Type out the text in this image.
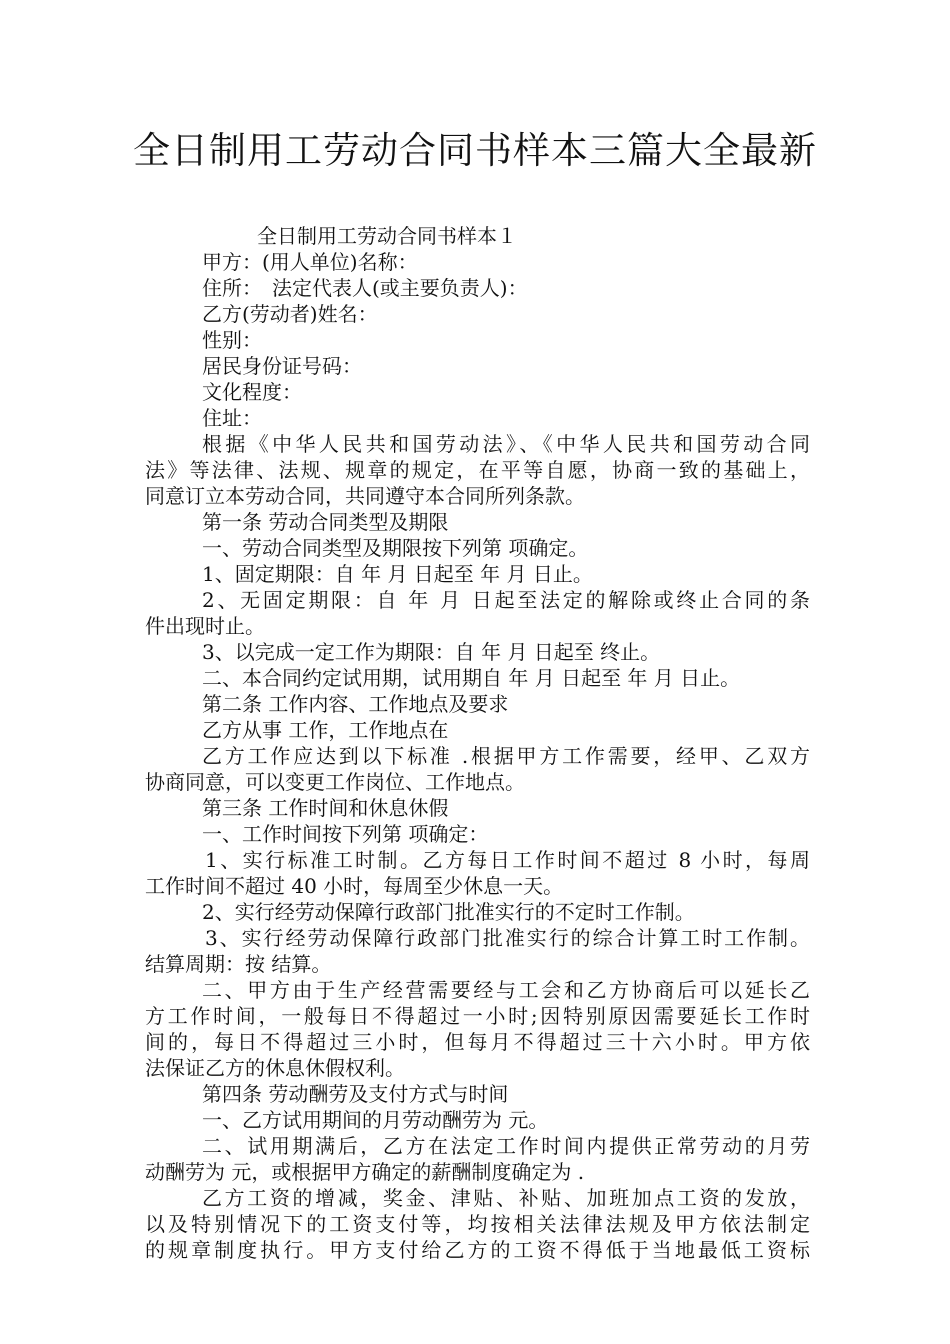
全日制用工劳动合同书样本三篇大全最新
全日制用工劳动合同书样本１
甲方：(用人单位)名称：
住所：　法定代表人(或主要负责人)：
乙方(劳动者)姓名：
性别：
居民身份证号码：
文化程度：
住址：
根据《中华人民共和国劳动法》、《中华人民共和国劳动合同
法》等法律、法规、规章的规定，在平等自愿，协商一致的基础上，
同意订立本劳动合同，共同遵守本合同所列条款。
第一条 劳动合同类型及期限
一、劳动合同类型及期限按下列第 项确定。
1、固定期限：自 年 月 日起至 年 月 日止。
2、无固定期限：自 年 月 日起至法定的解除或终止合同的条
件出现时止。
3、以完成一定工作为期限：自 年 月 日起至 终止。
二、本合同约定试用期，试用期自 年 月 日起至 年 月 日止。
第二条 工作内容、工作地点及要求
乙方从事 工作，工作地点在
乙方工作应达到以下标准 .根据甲方工作需要，经甲、乙双方
协商同意，可以变更工作岗位、工作地点。
第三条 工作时间和休息休假
一、工作时间按下列第 项确定：
1、实行标准工时制。乙方每日工作时间不超过 8 小时，每周
工作时间不超过 40 小时，每周至少休息一天。
2、实行经劳动保障行政部门批准实行的不定时工作制。
3、实行经劳动保障行政部门批准实行的综合计算工时工作制。
结算周期：按 结算。
二、甲方由于生产经营需要经与工会和乙方协商后可以延长乙
方工作时间，一般每日不得超过一小时;因特别原因需要延长工作时
间的，每日不得超过三小时，但每月不得超过三十六小时。甲方依
法保证乙方的休息休假权利。
第四条 劳动酬劳及支付方式与时间
一、乙方试用期间的月劳动酬劳为 元。
二、试用期满后，乙方在法定工作时间内提供正常劳动的月劳
动酬劳为 元，或根据甲方确定的薪酬制度确定为 .
乙方工资的增减，奖金、津贴、补贴、加班加点工资的发放，
以及特别情况下的工资支付等，均按相关法律法规及甲方依法制定
的规章制度执行。甲方支付给乙方的工资不得低于当地最低工资标
